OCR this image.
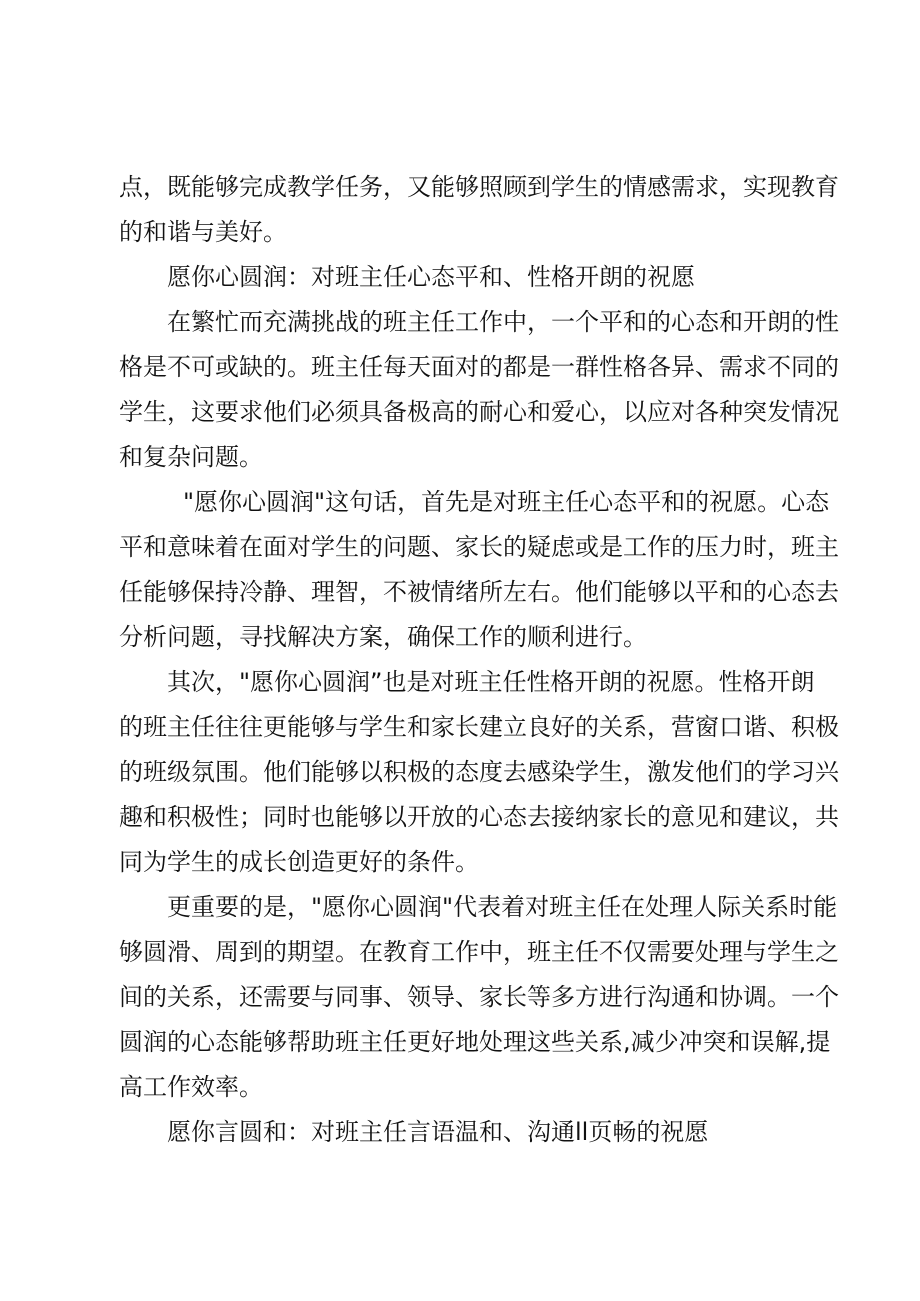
点，既能够完成教学任务，又能够照顾到学生的情感需求，实现教育
的和谐与美好。
愿你心圆润：对班主任心态平和、性格开朗的祝愿
在繁忙而充满挑战的班主任工作中，一个平和的心态和开朗的性
格是不可或缺的。班主任每天面对的都是一群性格各异、需求不同的
学生，这要求他们必须具备极高的耐心和爱心，以应对各种突发情况
和复杂问题。
"愿你心圆润"这句话，首先是对班主任心态平和的祝愿。心态
平和意味着在面对学生的问题、家长的疑虑或是工作的压力时，班主
任能够保持冷静、理智，不被情绪所左右。他们能够以平和的心态去
分析问题，寻找解决方案，确保工作的顺利进行。
其次，"愿你心圆润”也是对班主任性格开朗的祝愿。性格开朗
的班主任往往更能够与学生和家长建立良好的关系，营窗口谐、积极
的班级氛围。他们能够以积极的态度去感染学生，激发他们的学习兴
趣和积极性；同时也能够以开放的心态去接纳家长的意见和建议，共
同为学生的成长创造更好的条件。
更重要的是，"愿你心圆润"代表着对班主任在处理人际关系时能
够圆滑、周到的期望。在教育工作中，班主任不仅需要处理与学生之
间的关系，还需要与同事、领导、家长等多方进行沟通和协调。一个
圆润的心态能够帮助班主任更好地处理这些关系,减少冲突和误解,提
高工作效率。
愿你言圆和：对班主任言语温和、沟通ll页畅的祝愿
